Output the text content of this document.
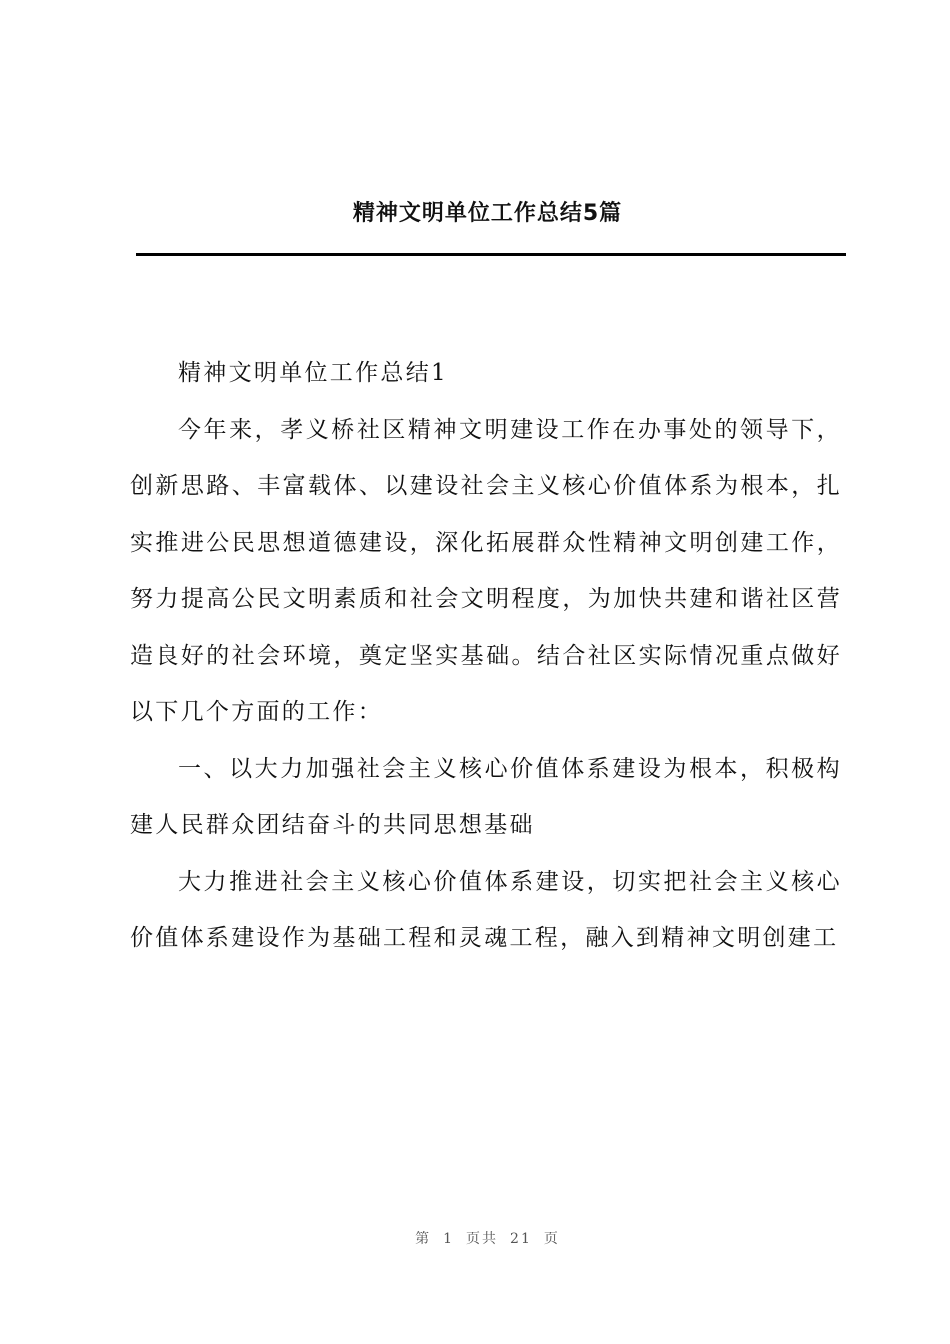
精神文明单位工作总结5篇

精神文明单位工作总结1

今年来，孝义桥社区精神文明建设工作在办事处的领导下，创新思路、丰富载体、以建设社会主义核心价值体系为根本，扎实推进公民思想道德建设，深化拓展群众性精神文明创建工作，努力提高公民文明素质和社会文明程度，为加快共建和谐社区营造良好的社会环境，奠定坚实基础。结合社区实际情况重点做好以下几个方面的工作：

一、以大力加强社会主义核心价值体系建设为根本，积极构建人民群众团结奋斗的共同思想基础

大力推进社会主义核心价值体系建设，切实把社会主义核心价值体系建设作为基础工程和灵魂工程，融入到精神文明创建工

第 1 页共 21 页
